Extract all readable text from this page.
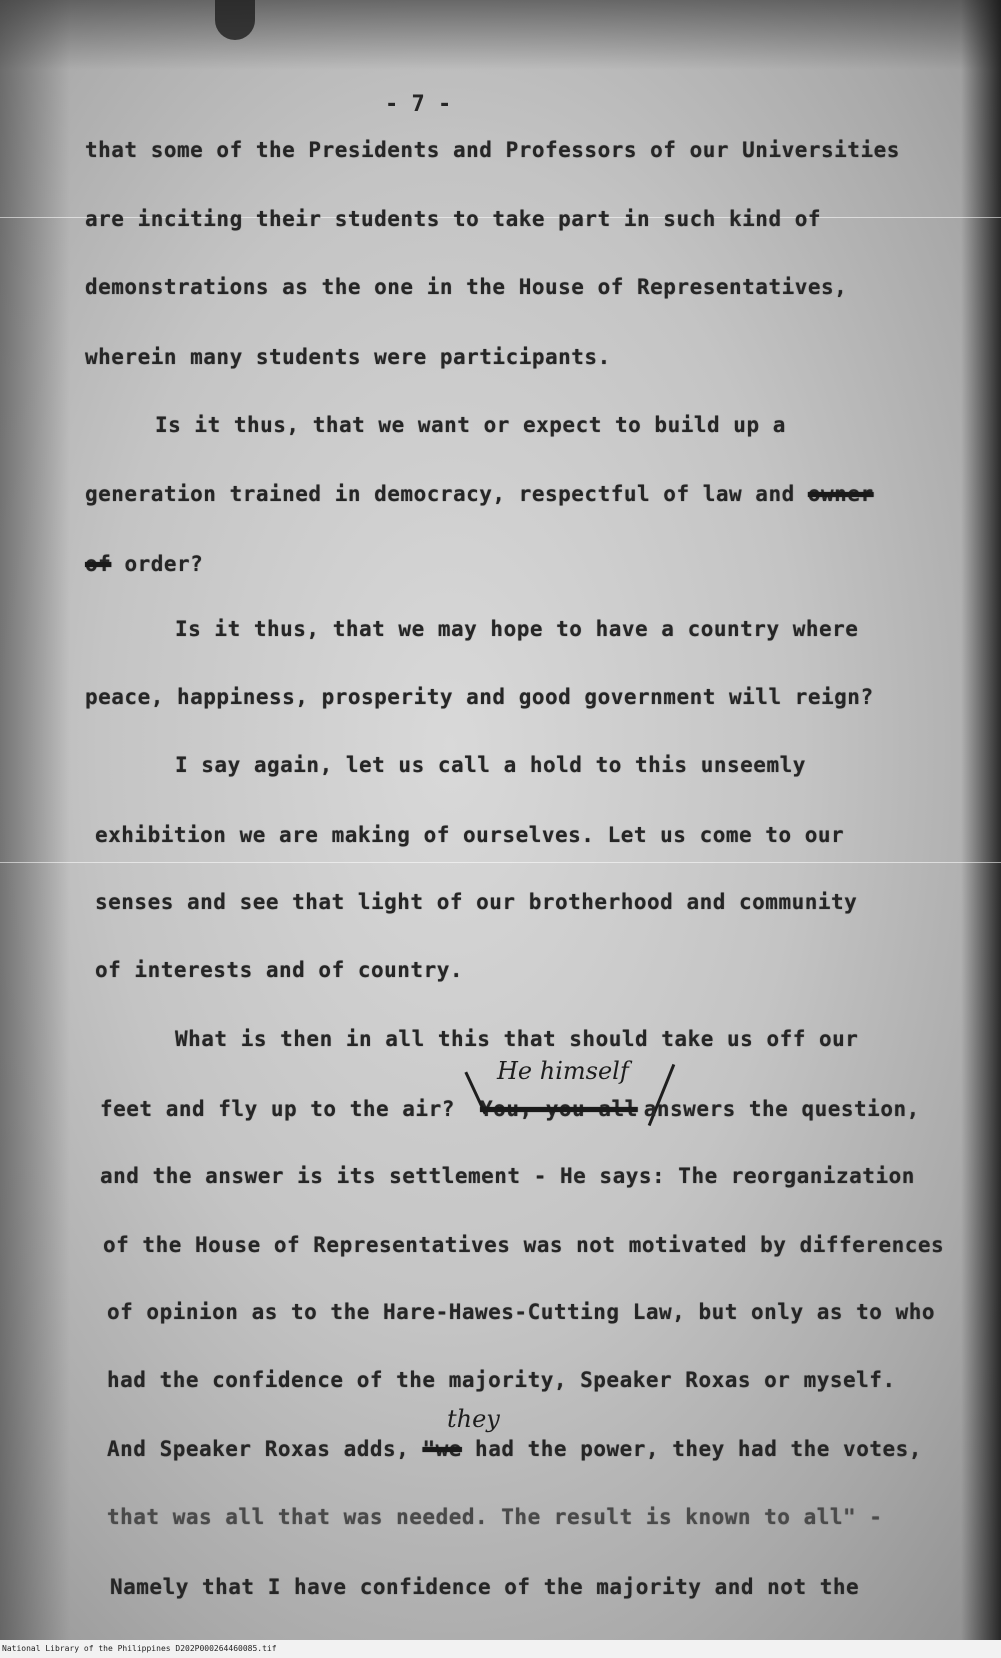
- 7 -
that some of the Presidents and Professors of our Universities
are inciting their students to take part in such kind of
demonstrations as the one in the House of Representatives,
wherein many students were participants.
Is it thus, that we want or expect to build up a
generation trained in democracy, respectful of law and owner
of order?
Is it thus, that we may hope to have a country where
peace, happiness, prosperity and good government will reign?
I say again, let us call a hold to this unseemly
exhibition we are making of ourselves. Let us come to our
senses and see that light of our brotherhood and community
of interests and of country.
What is then in all this that should take us off our
He himself
feet and fly up to the air? You, you all answers the question,
and the answer is its settlement - He says: The reorganization
of the House of Representatives was not motivated by differences
of opinion as to the Hare-Hawes-Cutting Law, but only as to who
had the confidence of the majority, Speaker Roxas or myself.
they
And Speaker Roxas adds, "we had the power, they had the votes,
that was all that was needed. The result is known to all" -
Namely that I have confidence of the majority and not the
National Library of the Philippines D202P000264460085.tif
